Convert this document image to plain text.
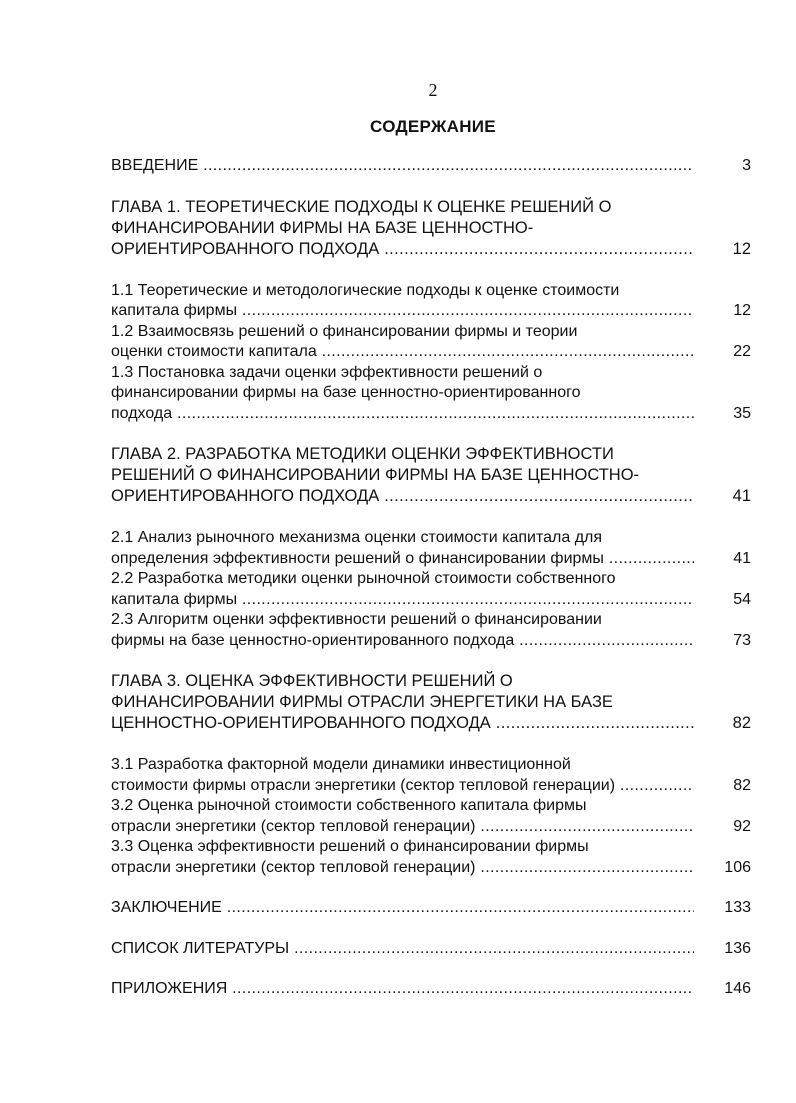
2
СОДЕРЖАНИЕ
ВВЕДЕНИЕ .....	3
ГЛАВА 1. ТЕОРЕТИЧЕСКИЕ ПОДХОДЫ К ОЦЕНКЕ РЕШЕНИЙ О
ФИНАНСИРОВАНИИ ФИРМЫ НА БАЗЕ ЦЕННОСТНО-
ОРИЕНТИРОВАННОГО ПОДХОДА .....	12
1.1 Теоретические и методологические подходы к оценке стоимости
капитала фирмы .....	12
1.2 Взаимосвязь решений о финансировании фирмы и теории
оценки стоимости капитала .....	22
1.3 Постановка задачи оценки эффективности решений о
финансировании фирмы на базе ценностно-ориентированного
подхода .....	35
ГЛАВА 2. РАЗРАБОТКА МЕТОДИКИ ОЦЕНКИ ЭФФЕКТИВНОСТИ
РЕШЕНИЙ О ФИНАНСИРОВАНИИ ФИРМЫ НА БАЗЕ ЦЕННОСТНО-
ОРИЕНТИРОВАННОГО ПОДХОДА .....	41
2.1 Анализ рыночного механизма оценки стоимости капитала для
определения эффективности решений о финансировании фирмы .....	41
2.2 Разработка методики оценки рыночной стоимости собственного
капитала фирмы .....	54
2.3 Алгоритм оценки эффективности решений о финансировании
фирмы на базе ценностно-ориентированного подхода .....	73
ГЛАВА 3. ОЦЕНКА ЭФФЕКТИВНОСТИ РЕШЕНИЙ О
ФИНАНСИРОВАНИИ ФИРМЫ ОТРАСЛИ ЭНЕРГЕТИКИ НА БАЗЕ
ЦЕННОСТНО-ОРИЕНТИРОВАННОГО ПОДХОДА .....	82
3.1 Разработка факторной модели динамики инвестиционной
стоимости фирмы отрасли энергетики (сектор тепловой генерации) .....	82
3.2 Оценка рыночной стоимости собственного капитала фирмы
отрасли энергетики (сектор тепловой генерации) .....	92
3.3 Оценка эффективности решений о финансировании фирмы
отрасли энергетики (сектор тепловой генерации) .....	106
ЗАКЛЮЧЕНИЕ .....	133
СПИСОК ЛИТЕРАТУРЫ .....	136
ПРИЛОЖЕНИЯ .....	146
